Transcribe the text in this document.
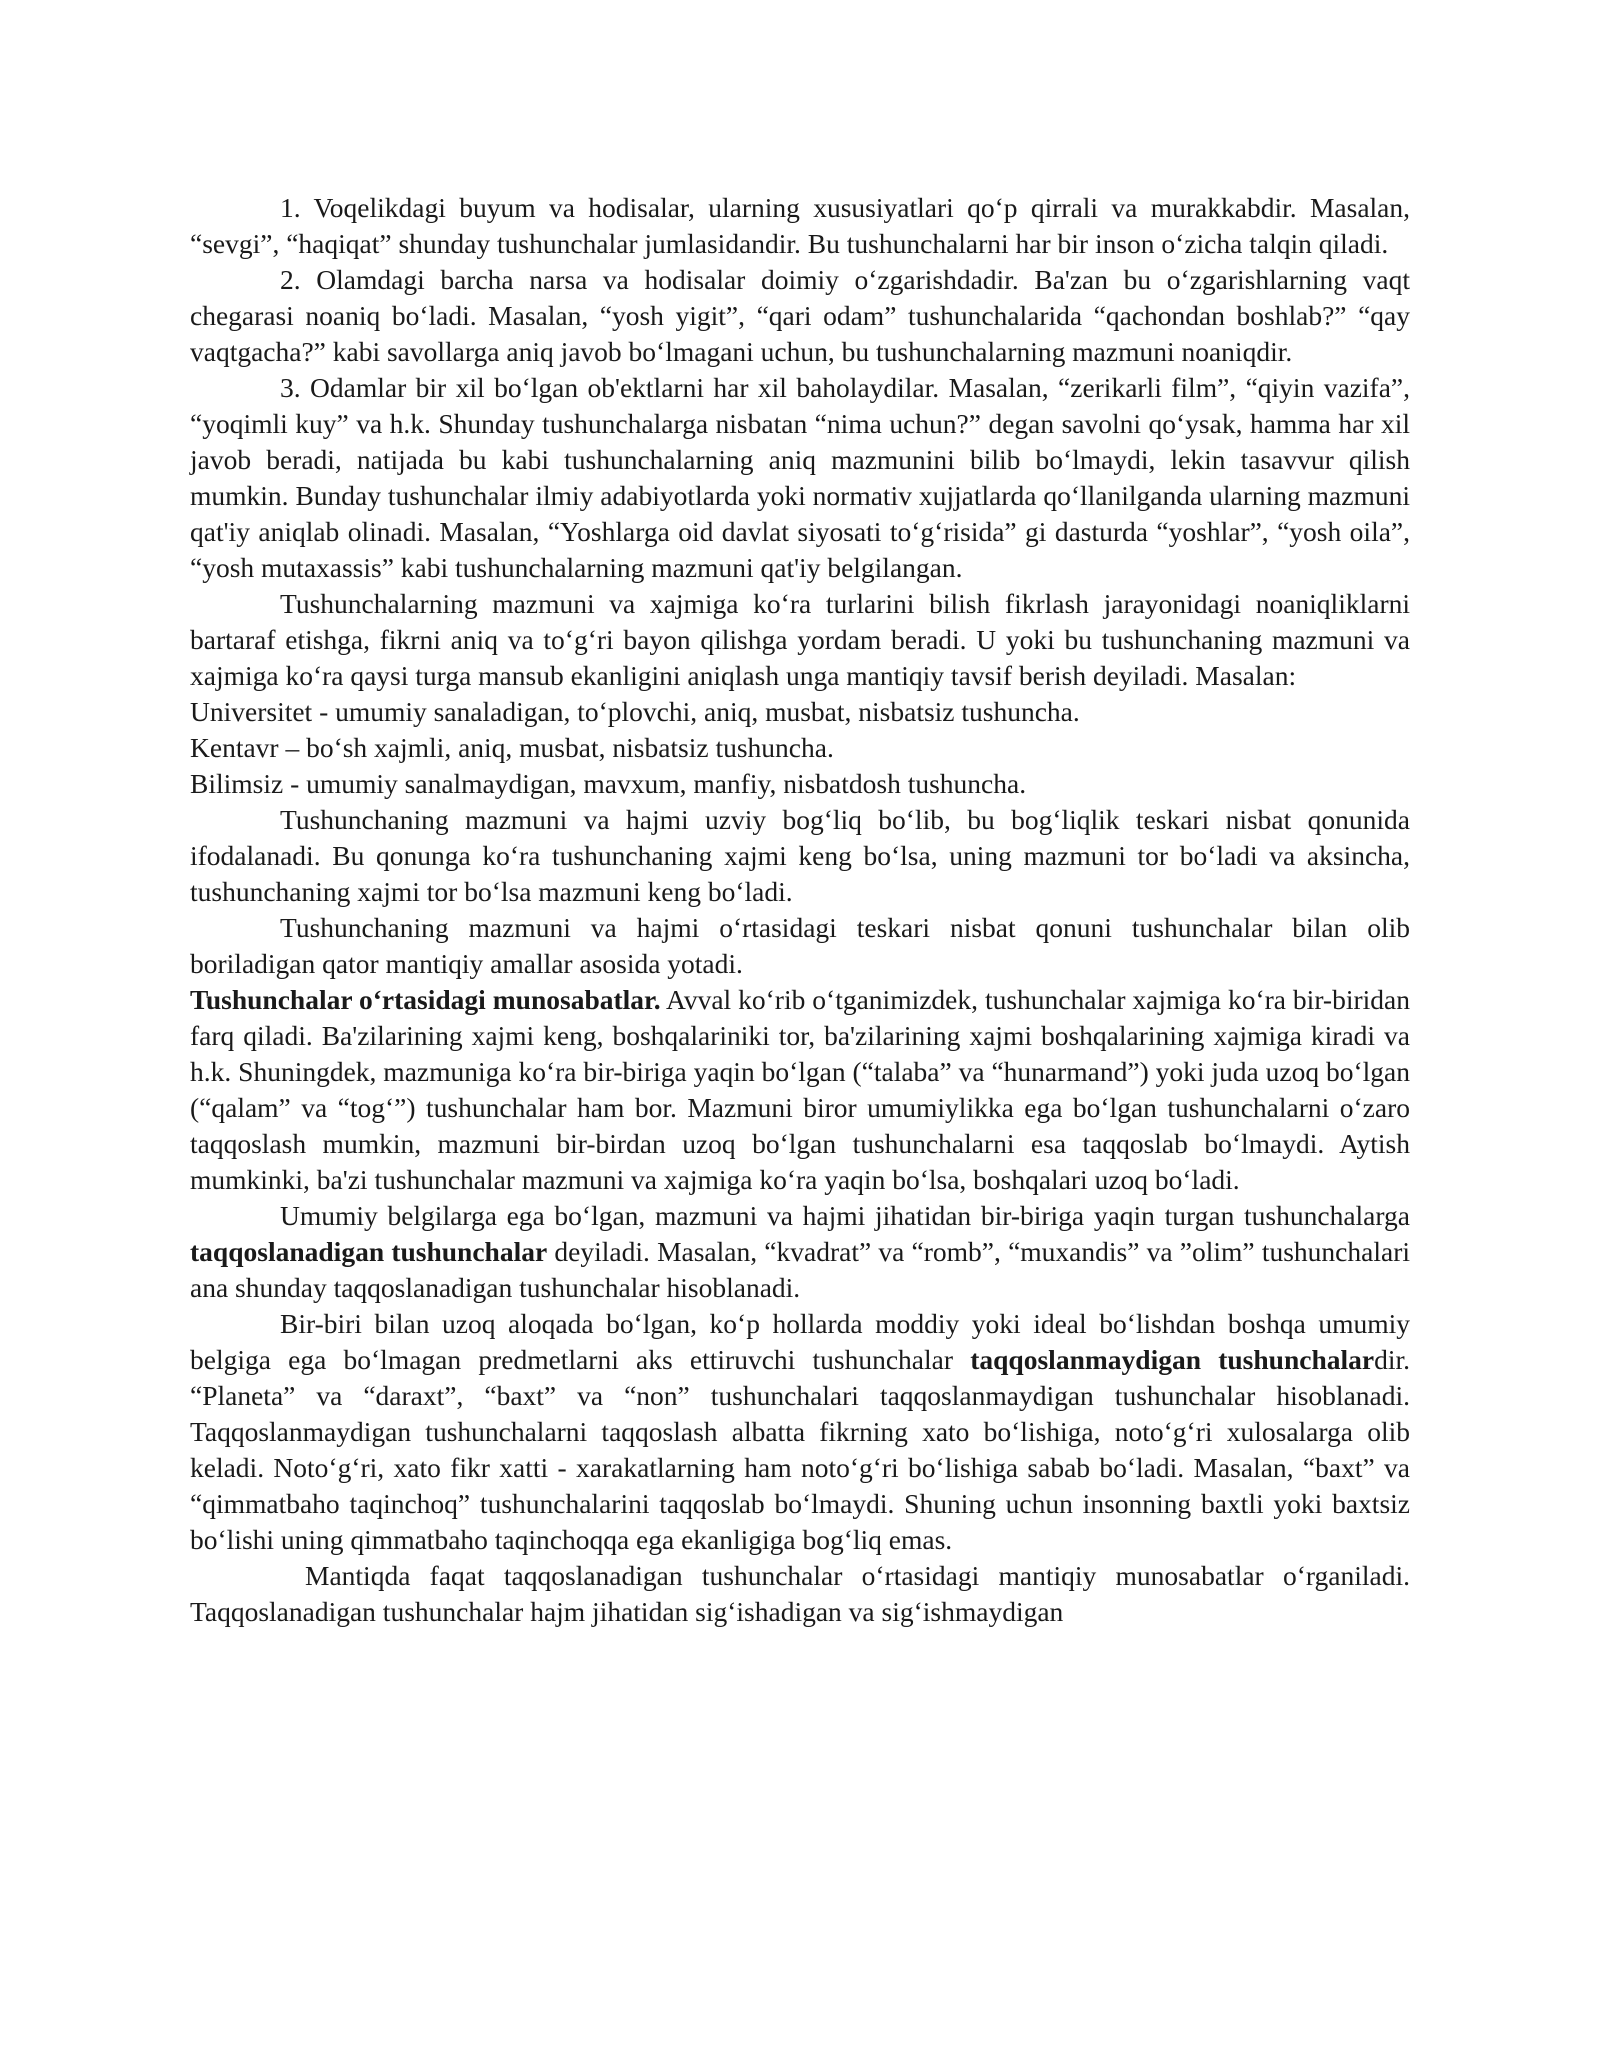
1. Voqelikdagi buyum va hodisalar, ularning xususiyatlari qo‘p qirrali va murakkabdir. Masalan, “sevgi”, “haqiqat” shunday tushunchalar jumlasidandir. Bu tushunchalarni har bir inson o‘zicha talqin qiladi.

2. Olamdagi barcha narsa va hodisalar doimiy o‘zgarishdadir. Ba'zan bu o‘zgarishlarning vaqt chegarasi noaniq bo‘ladi. Masalan, “yosh yigit”, “qari odam” tushunchalarida “qachondan boshlab?” “qay vaqtgacha?” kabi savollarga aniq javob bo‘lmagani uchun, bu tushunchalarning mazmuni noaniqdir.

3. Odamlar bir xil bo‘lgan ob'ektlarni har xil baholaydilar. Masalan, “zerikarli film”, “qiyin vazifa”, “yoqimli kuy” va h.k. Shunday tushunchalarga nisbatan “nima uchun?” degan savolni qo‘ysak, hamma har xil javob beradi, natijada bu kabi tushunchalarning aniq mazmunini bilib bo‘lmaydi, lekin tasavvur qilish mumkin. Bunday tushunchalar ilmiy adabiyotlarda yoki normativ xujjatlarda qo‘llanilganda ularning mazmuni qat'iy aniqlab olinadi. Masalan, “Yoshlarga oid davlat siyosati to‘g‘risida” gi dasturda “yoshlar”, “yosh oila”, “yosh mutaxassis” kabi tushunchalarning mazmuni qat'iy belgilangan.

Tushunchalarning mazmuni va xajmiga ko‘ra turlarini bilish fikrlash jarayonidagi noaniqliklarni bartaraf etishga, fikrni aniq va to‘g‘ri bayon qilishga yordam beradi. U yoki bu tushunchaning mazmuni va xajmiga ko‘ra qaysi turga mansub ekanligini aniqlash unga mantiqiy tavsif berish deyiladi. Masalan:

Universitet - umumiy sanaladigan, to‘plovchi, aniq, musbat, nisbatsiz tushuncha.

Kentavr – bo‘sh xajmli, aniq, musbat, nisbatsiz tushuncha.

Bilimsiz - umumiy sanalmaydigan, mavxum, manfiy, nisbatdosh tushuncha.

Tushunchaning mazmuni va hajmi uzviy bog‘liq bo‘lib, bu bog‘liqlik teskari nisbat qonunida ifodalanadi. Bu qonunga ko‘ra tushunchaning xajmi keng bo‘lsa, uning mazmuni tor bo‘ladi va aksincha, tushunchaning xajmi tor bo‘lsa mazmuni keng bo‘ladi.

Tushunchaning mazmuni va hajmi o‘rtasidagi teskari nisbat qonuni tushunchalar bilan olib boriladigan qator mantiqiy amallar asosida yotadi.

Tushunchalar o‘rtasidagi munosabatlar. Avval ko‘rib o‘tganimizdek, tushunchalar xajmiga ko‘ra bir-biridan farq qiladi. Ba'zilarining xajmi keng, boshqalariniki tor, ba'zilarining xajmi boshqalarining xajmiga kiradi va h.k. Shuningdek, mazmuniga ko‘ra bir-biriga yaqin bo‘lgan (“talaba” va “hunarmand”) yoki juda uzoq bo‘lgan (“qalam” va “tog‘”) tushunchalar ham bor. Mazmuni biror umumiylikka ega bo‘lgan tushunchalarni o‘zaro taqqoslash mumkin, mazmuni bir-birdan uzoq bo‘lgan tushunchalarni esa taqqoslab bo‘lmaydi. Aytish mumkinki, ba'zi tushunchalar mazmuni va xajmiga ko‘ra yaqin bo‘lsa, boshqalari uzoq bo‘ladi.

Umumiy belgilarga ega bo‘lgan, mazmuni va hajmi jihatidan bir-biriga yaqin turgan tushunchalarga taqqoslanadigan tushunchalar deyiladi. Masalan, “kvadrat” va “romb”, “muxandis” va ”olim” tushunchalari ana shunday taqqoslanadigan tushunchalar hisoblanadi.

Bir-biri bilan uzoq aloqada bo‘lgan, ko‘p hollarda moddiy yoki ideal bo‘lishdan boshqa umumiy belgiga ega bo‘lmagan predmetlarni aks ettiruvchi tushunchalar taqqoslanmaydigan tushunchalardir. “Planeta” va “daraxt”, “baxt” va “non” tushunchalari taqqoslanmaydigan tushunchalar hisoblanadi. Taqqoslanmaydigan tushunchalarni taqqoslash albatta fikrning xato bo‘lishiga, noto‘g‘ri xulosalarga olib keladi. Noto‘g‘ri, xato fikr xatti - xarakatlarning ham noto‘g‘ri bo‘lishiga sabab bo‘ladi. Masalan, “baxt” va “qimmatbaho taqinchoq” tushunchalarini taqqoslab bo‘lmaydi. Shuning uchun insonning baxtli yoki baxtsiz bo‘lishi uning qimmatbaho taqinchoqqa ega ekanligiga bog‘liq emas.

Mantiqda faqat taqqoslanadigan tushunchalar o‘rtasidagi mantiqiy munosabatlar o‘rganiladi. Taqqoslanadigan tushunchalar hajm jihatidan sig‘ishadigan va sig‘ishmaydigan
